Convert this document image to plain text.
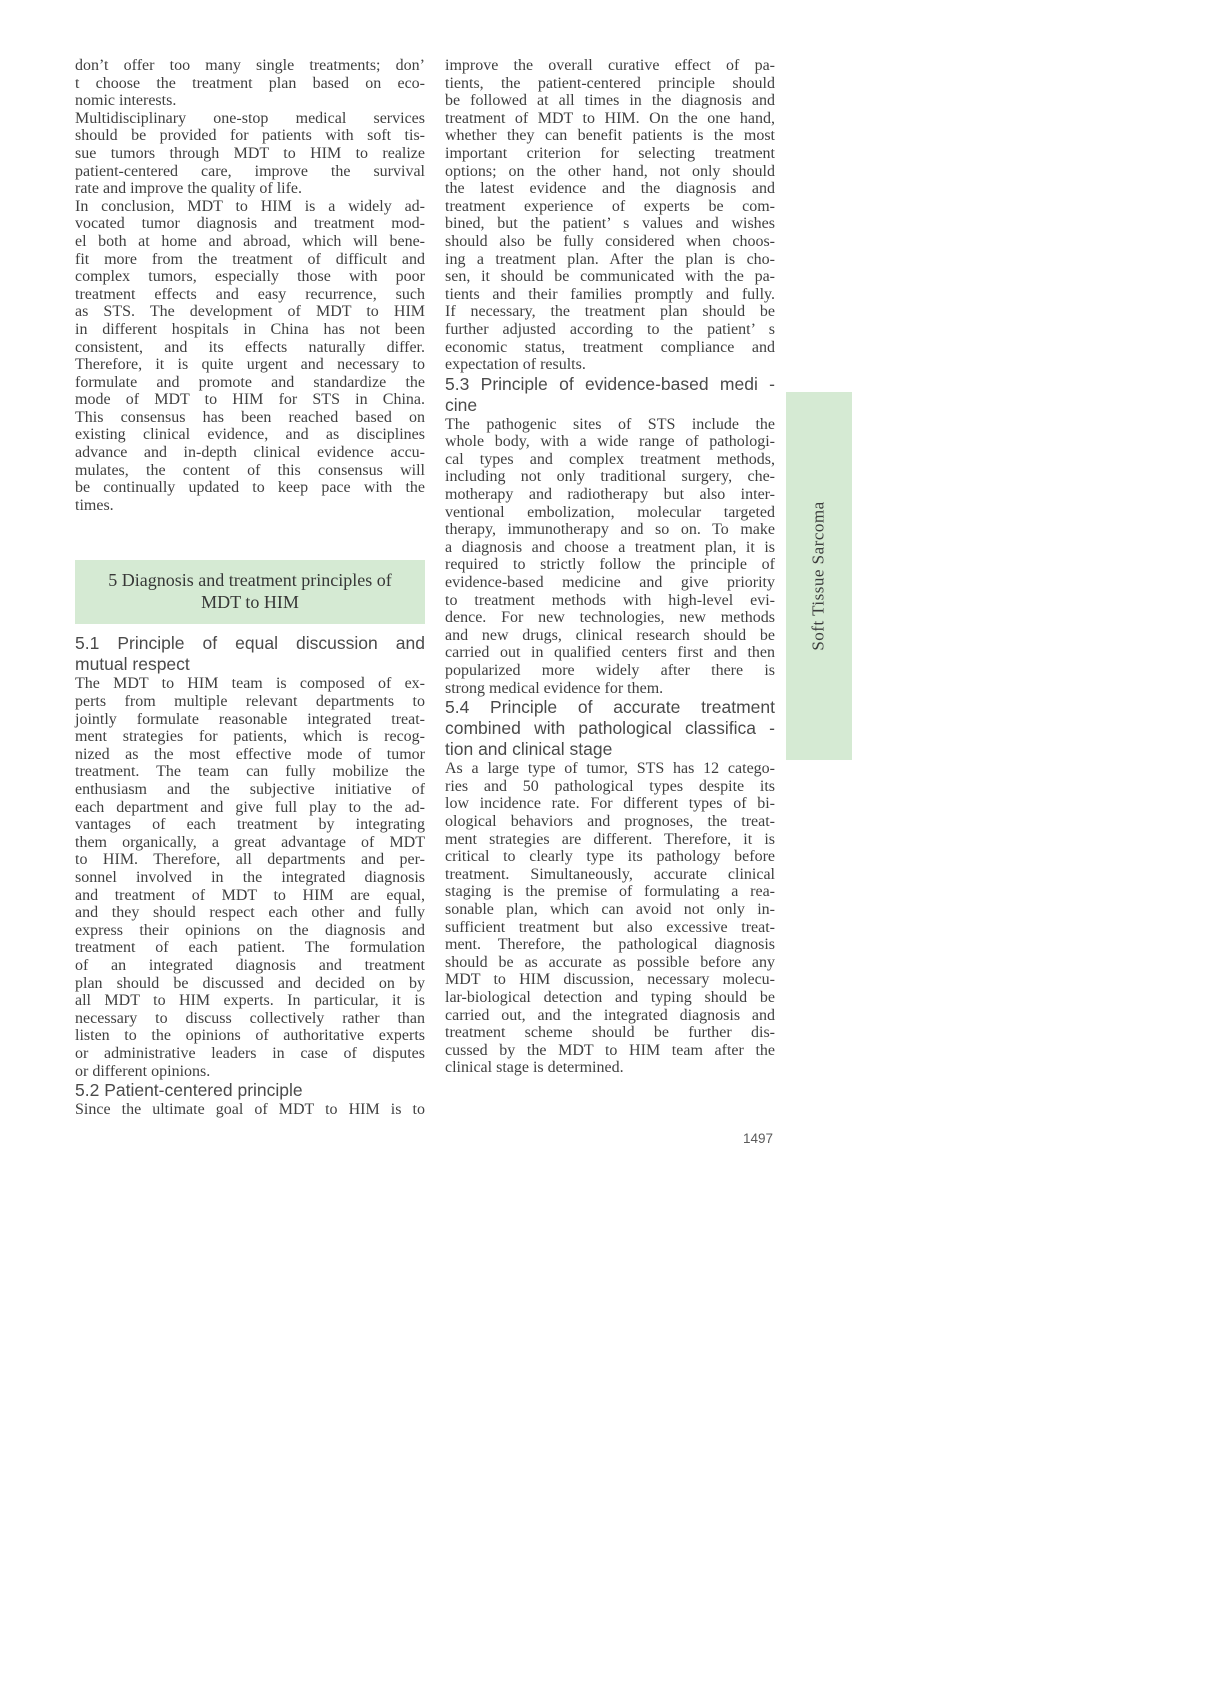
don’t offer too many single treatments; don’
t choose the treatment plan based on eco-
nomic interests.
Multidisciplinary one-stop medical services
should be provided for patients with soft tis-
sue tumors through MDT to HIM to realize
patient-centered care, improve the survival
rate and improve the quality of life.
In conclusion, MDT to HIM is a widely ad-
vocated tumor diagnosis and treatment mod-
el both at home and abroad, which will bene-
fit more from the treatment of difficult and
complex tumors, especially those with poor
treatment effects and easy recurrence, such
as STS. The development of MDT to HIM
in different hospitals in China has not been
consistent, and its effects naturally differ.
Therefore, it is quite urgent and necessary to
formulate and promote and standardize the
mode of MDT to HIM for STS in China.
This consensus has been reached based on
existing clinical evidence, and as disciplines
advance and in-depth clinical evidence accu-
mulates, the content of this consensus will
be continually updated to keep pace with the
times.
5 Diagnosis and treatment principles of
MDT to HIM
5.1 Principle of equal discussion and
mutual respect
The MDT to HIM team is composed of ex-
perts from multiple relevant departments to
jointly formulate reasonable integrated treat-
ment strategies for patients, which is recog-
nized as the most effective mode of tumor
treatment. The team can fully mobilize the
enthusiasm and the subjective initiative of
each department and give full play to the ad-
vantages of each treatment by integrating
them organically, a great advantage of MDT
to HIM. Therefore, all departments and per-
sonnel involved in the integrated diagnosis
and treatment of MDT to HIM are equal,
and they should respect each other and fully
express their opinions on the diagnosis and
treatment of each patient. The formulation
of an integrated diagnosis and treatment
plan should be discussed and decided on by
all MDT to HIM experts. In particular, it is
necessary to discuss collectively rather than
listen to the opinions of authoritative experts
or administrative leaders in case of disputes
or different opinions.
5.2 Patient-centered principle
Since the ultimate goal of MDT to HIM is to
improve the overall curative effect of pa-
tients, the patient-centered principle should
be followed at all times in the diagnosis and
treatment of MDT to HIM. On the one hand,
whether they can benefit patients is the most
important criterion for selecting treatment
options; on the other hand, not only should
the latest evidence and the diagnosis and
treatment experience of experts be com-
bined, but the patient’ s values and wishes
should also be fully considered when choos-
ing a treatment plan. After the plan is cho-
sen, it should be communicated with the pa-
tients and their families promptly and fully.
If necessary, the treatment plan should be
further adjusted according to the patient’ s
economic status, treatment compliance and
expectation of results.
5.3 Principle of evidence-based medi -
cine
The pathogenic sites of STS include the
whole body, with a wide range of pathologi-
cal types and complex treatment methods,
including not only traditional surgery, che-
motherapy and radiotherapy but also inter-
ventional embolization, molecular targeted
therapy, immunotherapy and so on. To make
a diagnosis and choose a treatment plan, it is
required to strictly follow the principle of
evidence-based medicine and give priority
to treatment methods with high-level evi-
dence. For new technologies, new methods
and new drugs, clinical research should be
carried out in qualified centers first and then
popularized more widely after there is
strong medical evidence for them.
5.4 Principle of accurate treatment
combined with pathological classifica -
tion and clinical stage
As a large type of tumor, STS has 12 catego-
ries and 50 pathological types despite its
low incidence rate. For different types of bi-
ological behaviors and prognoses, the treat-
ment strategies are different. Therefore, it is
critical to clearly type its pathology before
treatment. Simultaneously, accurate clinical
staging is the premise of formulating a rea-
sonable plan, which can avoid not only in-
sufficient treatment but also excessive treat-
ment. Therefore, the pathological diagnosis
should be as accurate as possible before any
MDT to HIM discussion, necessary molecu-
lar-biological detection and typing should be
carried out, and the integrated diagnosis and
treatment scheme should be further dis-
cussed by the MDT to HIM team after the
clinical stage is determined.
Soft Tissue Sarcoma
1497
